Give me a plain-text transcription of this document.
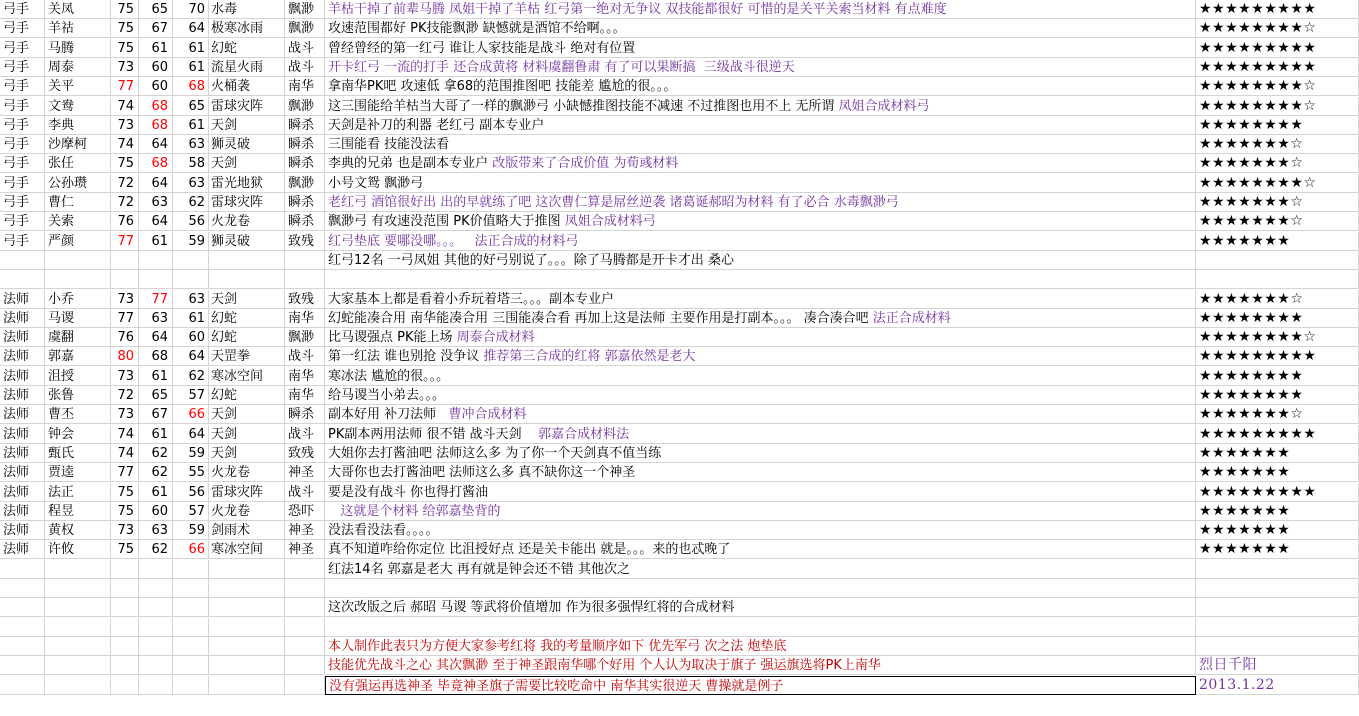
弓手	关凤	75	65	70 水毒	飘渺	羊枯干掉了前辈马腾 凤姐干掉了羊枯 红弓第一绝对无争议 双技能都很好 可惜的是关平关索当材料 有点难度	★★★★★★★★★
弓手	羊祜	75	67	64 极寒冰雨	飘渺	攻速范围都好 PK技能飘渺 缺憾就是酒馆不给啊。。。	★★★★★★★★☆
弓手	马腾	75	61	61 幻蛇	战斗	曾经曾经的第一红弓 谁让人家技能是战斗 绝对有位置	★★★★★★★★★
弓手	周泰	73	60	61 流星火雨	战斗	开卡红弓 一流的打手 还合成黄将 材料虞翻鲁肃 有了可以果断搞  三级战斗很逆天	★★★★★★★★★
弓手	关平	77	60	68 火桶袭	南华	拿南华PK吧 攻速低 拿68的范围推图吧 技能差 尴尬的很。。。	★★★★★★★★☆
弓手	文鸯	74	68	65 雷球灾阵	飘渺	这三围能给羊枯当大哥了一样的飘渺弓 小缺憾推图技能不减速 不过推图也用不上 无所谓 凤姐合成材料弓	★★★★★★★★☆
弓手	李典	73	68	61 天剑	瞬杀	天剑是补刀的利器 老红弓 副本专业户	★★★★★★★★
弓手	沙摩柯	74	64	63 狮灵破	瞬杀	三围能看 技能没法看	★★★★★★★☆
弓手	张任	75	68	58 天剑	瞬杀	李典的兄弟 也是副本专业户 改版带来了合成价值 为荀彧材料	★★★★★★★☆
弓手	公孙瓒	72	64	63 雷光地狱	飘渺	小号文鸳 飘渺弓	★★★★★★★★☆
弓手	曹仁	72	63	62 雷球灾阵	瞬杀	老红弓 酒馆很好出 出的早就练了吧 这次曹仁算是屌丝逆袭 诸葛诞郝昭为材料 有了必合 水毒飘渺弓	★★★★★★★☆
弓手	关索	76	64	56 火龙卷	瞬杀	飘渺弓 有攻速没范围 PK价值略大于推图 凤姐合成材料弓	★★★★★★★☆
弓手	严颜	77	61	59 狮灵破	致残	红弓垫底 要哪没哪。。。   法正合成的材料弓	★★★★★★★
红弓12名 一弓凤姐 其他的好弓别说了。。。除了马腾都是开卡才出 桑心
法师	小乔	73	77	63 天剑	致残	大家基本上都是看着小乔玩着塔三。。。副本专业户	★★★★★★★☆
法师	马谡	77	63	61 幻蛇	南华	幻蛇能凑合用 南华能凑合用 三围能凑合看 再加上这是法师 主要作用是打副本。。。 凑合凑合吧 法正合成材料	★★★★★★★★
法师	虞翻	76	64	60 幻蛇	飘渺	比马谡强点 PK能上场 周泰合成材料	★★★★★★★★☆
法师	郭嘉	80	68	64 天罡拳	战斗	第一红法 谁也别抢 没争议 推荐第三合成的红将 郭嘉依然是老大	★★★★★★★★★
法师	沮授	73	61	62 寒冰空间	南华	寒冰法 尴尬的很。。。	★★★★★★★★
法师	张鲁	72	65	57 幻蛇	南华	给马谡当小弟去。。。	★★★★★★★★
法师	曹丕	73	67	66 天剑	瞬杀	副本好用 补刀法师   曹冲合成材料	★★★★★★★☆
法师	钟会	74	61	64 天剑	战斗	PK副本两用法师 很不错 战斗天剑    郭嘉合成材料法	★★★★★★★★★
法师	甄氏	74	62	59 天剑	致残	大姐你去打酱油吧 法师这么多 为了你一个天剑真不值当练	★★★★★★★
法师	贾逵	77	62	55 火龙卷	神圣	大哥你也去打酱油吧 法师这么多 真不缺你这一个神圣	★★★★★★★
法师	法正	75	61	56 雷球灾阵	战斗	要是没有战斗 你也得打酱油	★★★★★★★★★
法师	程昱	75	60	57 火龙卷	恐吓	这就是个材料 给郭嘉垫背的	★★★★★★★
法师	黄权	73	63	59 剑雨术	神圣	没法看没法看。。。。	★★★★★★★
法师	许攸	75	62	66 寒冰空间	神圣	真不知道咋给你定位 比沮授好点 还是关卡能出 就是。。。来的也忒晚了	★★★★★★★
红法14名 郭嘉是老大 再有就是钟会还不错 其他次之
这次改版之后 郝昭 马谡 等武将价值增加 作为很多强悍红将的合成材料
本人制作此表只为方便大家参考红将 我的考量顺序如下 优先军弓 次之法 炮垫底
技能优先战斗之心 其次飘渺 至于神圣跟南华哪个好用 个人认为取决于旗子 强运旗选将PK上南华	烈日千阳
没有强运再选神圣 毕竟神圣旗子需要比较吃命中 南华其实很逆天 曹操就是例子	2013.1.22
